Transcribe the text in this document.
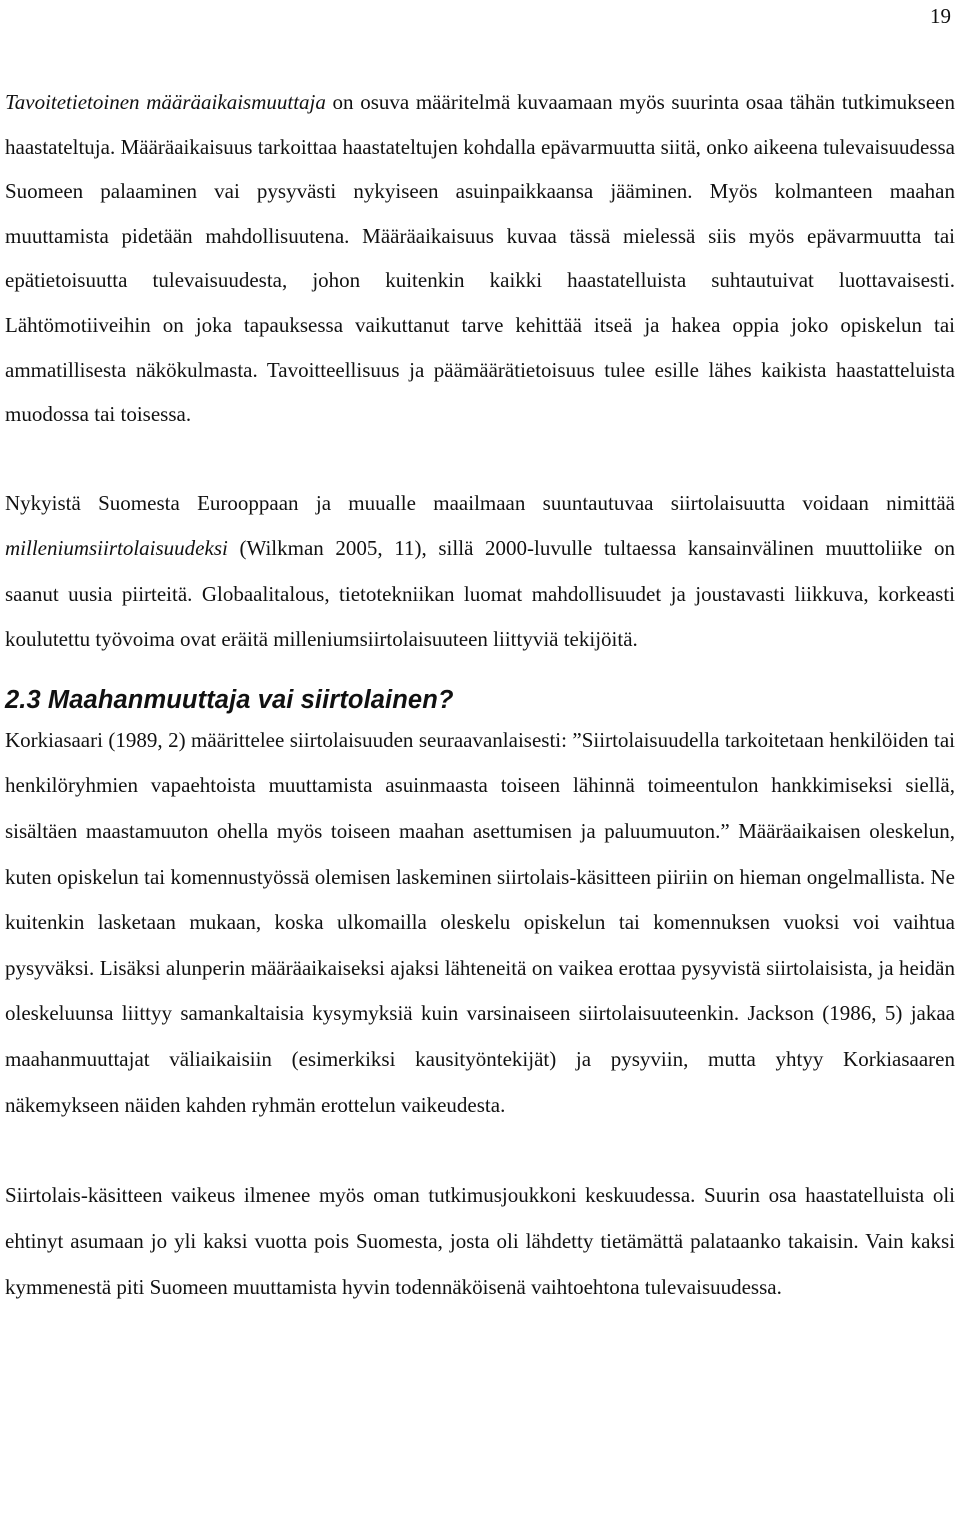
19

Tavoitetietoinen määräaikaismuuttaja on osuva määritelmä kuvaamaan myös suurinta osaa tähän tutkimukseen haastateltuja. Määräaikaisuus tarkoittaa haastateltujen kohdalla epävarmuutta siitä, onko aikeena tulevaisuudessa Suomeen palaaminen vai pysyvästi nykyiseen asuinpaikkaansa jääminen. Myös kolmanteen maahan muuttamista pidetään mahdollisuutena. Määräaikaisuus kuvaa tässä mielessä siis myös epävarmuutta tai epätietoisuutta tulevaisuudesta, johon kuitenkin kaikki haastatelluista suhtautuivat luottavaisesti. Lähtömotiiveihin on joka tapauksessa vaikuttanut tarve kehittää itseä ja hakea oppia joko opiskelun tai ammatillisesta näkökulmasta. Tavoitteellisuus ja päämäärätietoisuus tulee esille lähes kaikista haastatteluista muodossa tai toisessa.

Nykyistä Suomesta Eurooppaan ja muualle maailmaan suuntautuvaa siirtolaisuutta voidaan nimittää milleniumsiirtolaisuudeksi (Wilkman 2005, 11), sillä 2000-luvulle tultaessa kansainvälinen muuttoliike on saanut uusia piirteitä. Globaalitalous, tietotekniikan luomat mahdollisuudet ja joustavasti liikkuva, korkeasti koulutettu työvoima ovat eräitä milleniumsiirtolaisuuteen liittyviä tekijöitä.

2.3 Maahanmuuttaja vai siirtolainen?

Korkiasaari (1989, 2) määrittelee siirtolaisuuden seuraavanlaisesti: ”Siirtolaisuudella tarkoitetaan henkilöiden tai henkilöryhmien vapaehtoista muuttamista asuinmaasta toiseen lähinnä toimeentulon hankkimiseksi siellä, sisältäen maastamuuton ohella myös toiseen maahan asettumisen ja paluumuuton.” Määräaikaisen oleskelun, kuten opiskelun tai komennustyössä olemisen laskeminen siirtolais-käsitteen piiriin on hieman ongelmallista. Ne kuitenkin lasketaan mukaan, koska ulkomailla oleskelu opiskelun tai komennuksen vuoksi voi vaihtua pysyväksi. Lisäksi alunperin määräaikaiseksi ajaksi lähteneitä on vaikea erottaa pysyvistä siirtolaisista, ja heidän oleskeluunsa liittyy samankaltaisia kysymyksiä kuin varsinaiseen siirtolaisuuteenkin. Jackson (1986, 5) jakaa maahanmuuttajat väliaikaisiin (esimerkiksi kausityöntekijät) ja pysyviin, mutta yhtyy Korkiasaaren näkemykseen näiden kahden ryhmän erottelun vaikeudesta.

Siirtolais-käsitteen vaikeus ilmenee myös oman tutkimusjoukkoni keskuudessa. Suurin osa haastatelluista oli ehtinyt asumaan jo yli kaksi vuotta pois Suomesta, josta oli lähdetty tietämättä palataanko takaisin. Vain kaksi kymmenestä piti Suomeen muuttamista hyvin todennäköisenä vaihtoehtona tulevaisuudessa.
